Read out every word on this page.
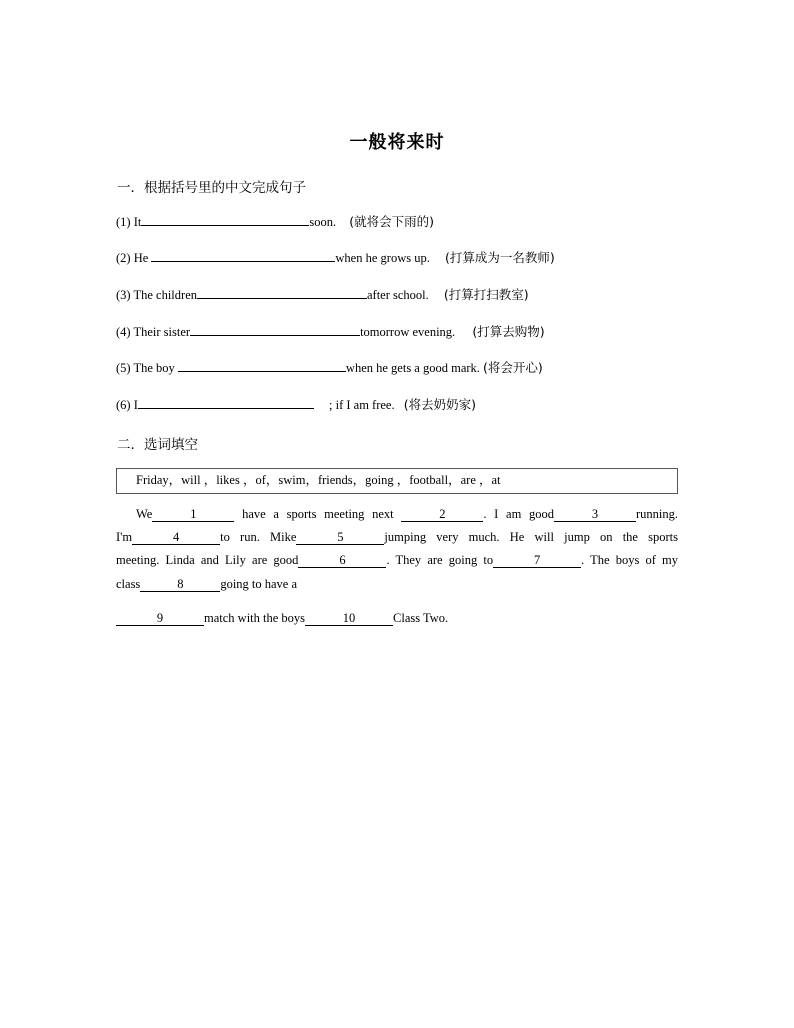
一般将来时
一．根据括号里的中文完成句子
(1) It	soon. (就将会下雨的)
(2) He	when he grows up. (打算成为一名教师)
(3) The children	after school. (打算打扫教室)
(4) Their sister	tomorrow evening. (打算去购物)
(5) The boy	when he gets a good mark. (将会开心)
(6) I	; if I am free. (将去奶奶家)
二．选词填空
Friday，will ，likes ，of，swim，friends，going ，football，are ，at
We	1	have a sports meeting next	2	. I am good	3	running.
I'm	4	to run. Mike	5	jumping very much. He will jump on the sports
meeting. Linda and Lily are good	6	. They are going to	7	. The boys of my
class	8	going to have a
9	match with the boys	10	Class Two.
